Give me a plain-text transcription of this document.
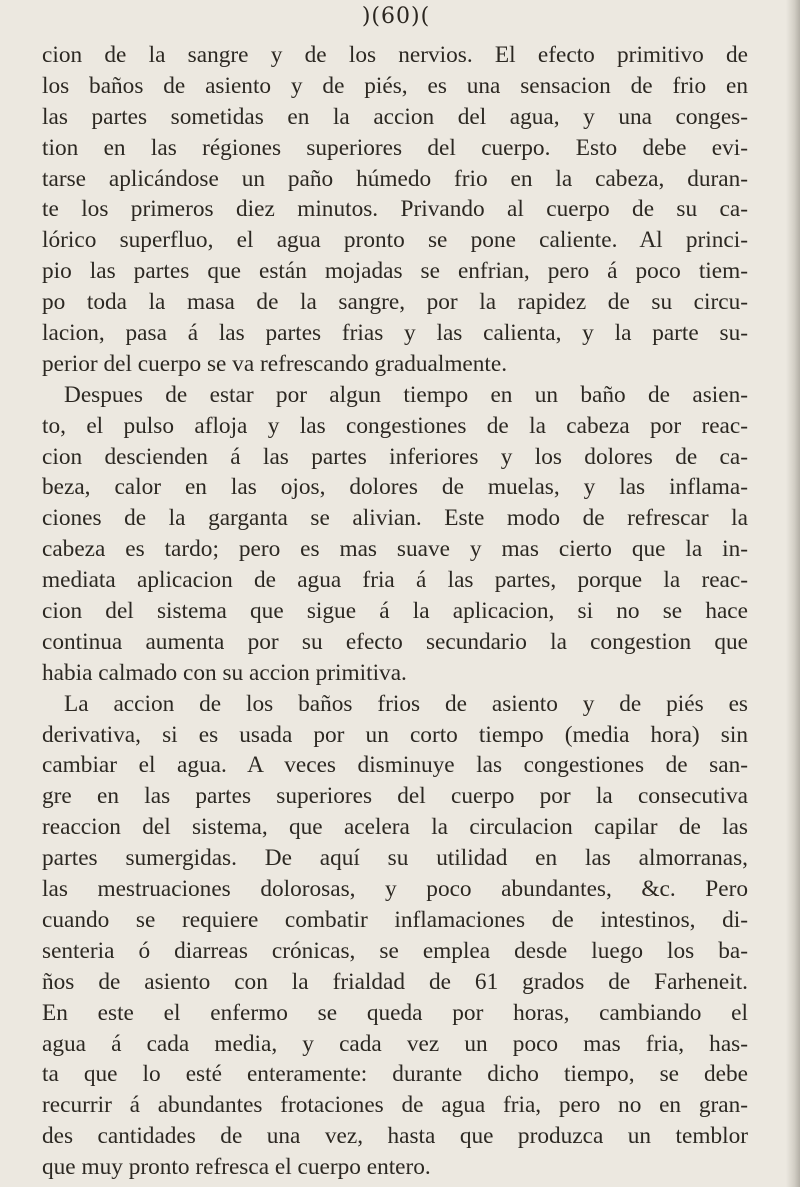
)(60)(
cion de la sangre y de los nervios. El efecto primitivo de
los baños de asiento y de piés, es una sensacion de frio en
las partes sometidas en la accion del agua, y una conges-
tion en las régiones superiores del cuerpo. Esto debe evi-
tarse aplicándose un paño húmedo frio en la cabeza, duran-
te los primeros diez minutos. Privando al cuerpo de su ca-
lórico superfluo, el agua pronto se pone caliente. Al princi-
pio las partes que están mojadas se enfrian, pero á poco tiem-
po toda la masa de la sangre, por la rapidez de su circu-
lacion, pasa á las partes frias y las calienta, y la parte su-
perior del cuerpo se va refrescando gradualmente.
Despues de estar por algun tiempo en un baño de asien-
to, el pulso afloja y las congestiones de la cabeza por reac-
cion descienden á las partes inferiores y los dolores de ca-
beza, calor en las ojos, dolores de muelas, y las inflama-
ciones de la garganta se alivian. Este modo de refrescar la
cabeza es tardo; pero es mas suave y mas cierto que la in-
mediata aplicacion de agua fria á las partes, porque la reac-
cion del sistema que sigue á la aplicacion, si no se hace
continua aumenta por su efecto secundario la congestion que
habia calmado con su accion primitiva.
La accion de los baños frios de asiento y de piés es
derivativa, si es usada por un corto tiempo (media hora) sin
cambiar el agua. A veces disminuye las congestiones de san-
gre en las partes superiores del cuerpo por la consecutiva
reaccion del sistema, que acelera la circulacion capilar de las
partes sumergidas. De aquí su utilidad en las almorranas,
las mestruaciones dolorosas, y poco abundantes, &c. Pero
cuando se requiere combatir inflamaciones de intestinos, di-
senteria ó diarreas crónicas, se emplea desde luego los ba-
ños de asiento con la frialdad de 61 grados de Farheneit.
En este el enfermo se queda por horas, cambiando el
agua á cada media, y cada vez un poco mas fria, has-
ta que lo esté enteramente: durante dicho tiempo, se debe
recurrir á abundantes frotaciones de agua fria, pero no en gran-
des cantidades de una vez, hasta que produzca un temblor
que muy pronto refresca el cuerpo entero.
